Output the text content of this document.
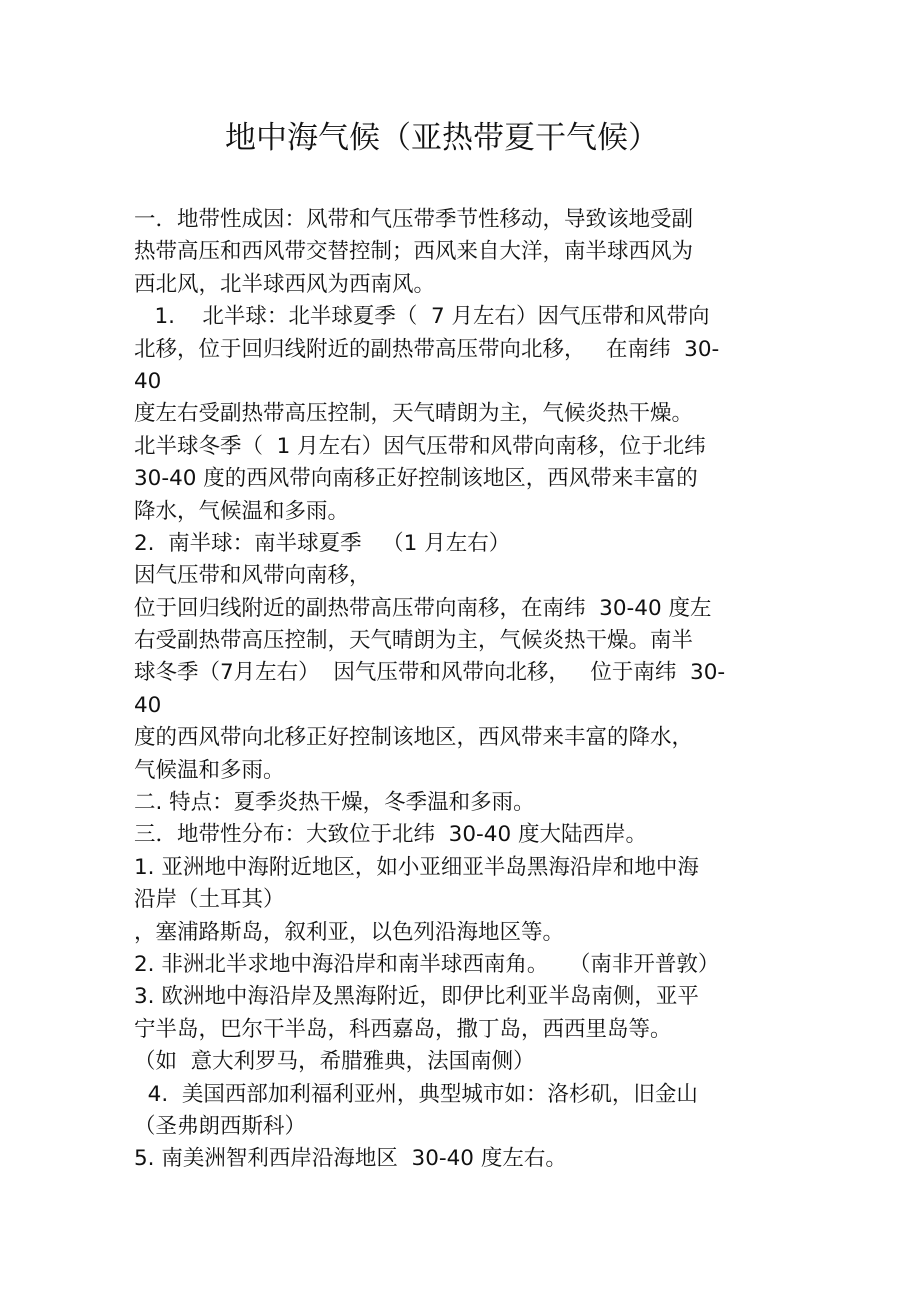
地中海气候（亚热带夏干气候）
一．地带性成因：风带和气压带季节性移动，导致该地受副
热带高压和西风带交替控制；西风来自大洋，南半球西风为
西北风，北半球西风为西南风。
1.    北半球：北半球夏季（  7 月左右）因气压带和风带向
北移，位于回归线附近的副热带高压带向北移，   在南纬  30-
40
度左右受副热带高压控制，天气晴朗为主，气候炎热干燥。
北半球冬季（  1 月左右）因气压带和风带向南移，位于北纬
30-40 度的西风带向南移正好控制该地区，西风带来丰富的
降水，气候温和多雨。
2.  南半球：南半球夏季   （1 月左右）
因气压带和风带向南移，
位于回归线附近的副热带高压带向南移，在南纬  30-40 度左
右受副热带高压控制，天气晴朗为主，气候炎热干燥。南半
球冬季（7月左右）  因气压带和风带向北移，   位于南纬  30-
40
度的西风带向北移正好控制该地区，西风带来丰富的降水，
气候温和多雨。
二. 特点：夏季炎热干燥，冬季温和多雨。
三．地带性分布：大致位于北纬  30-40 度大陆西岸。
1. 亚洲地中海附近地区，如小亚细亚半岛黑海沿岸和地中海
沿岸（土耳其）
，塞浦路斯岛，叙利亚，以色列沿海地区等。
2. 非洲北半求地中海沿岸和南半球西南角。   （南非开普敦）
3. 欧洲地中海沿岸及黑海附近，即伊比利亚半岛南侧，亚平
宁半岛，巴尔干半岛，科西嘉岛，撒丁岛，西西里岛等。
（如  意大利罗马，希腊雅典，法国南侧）
4.  美国西部加利福利亚州，典型城市如：洛杉矶，旧金山
（圣弗朗西斯科）
5. 南美洲智利西岸沿海地区  30-40 度左右。
